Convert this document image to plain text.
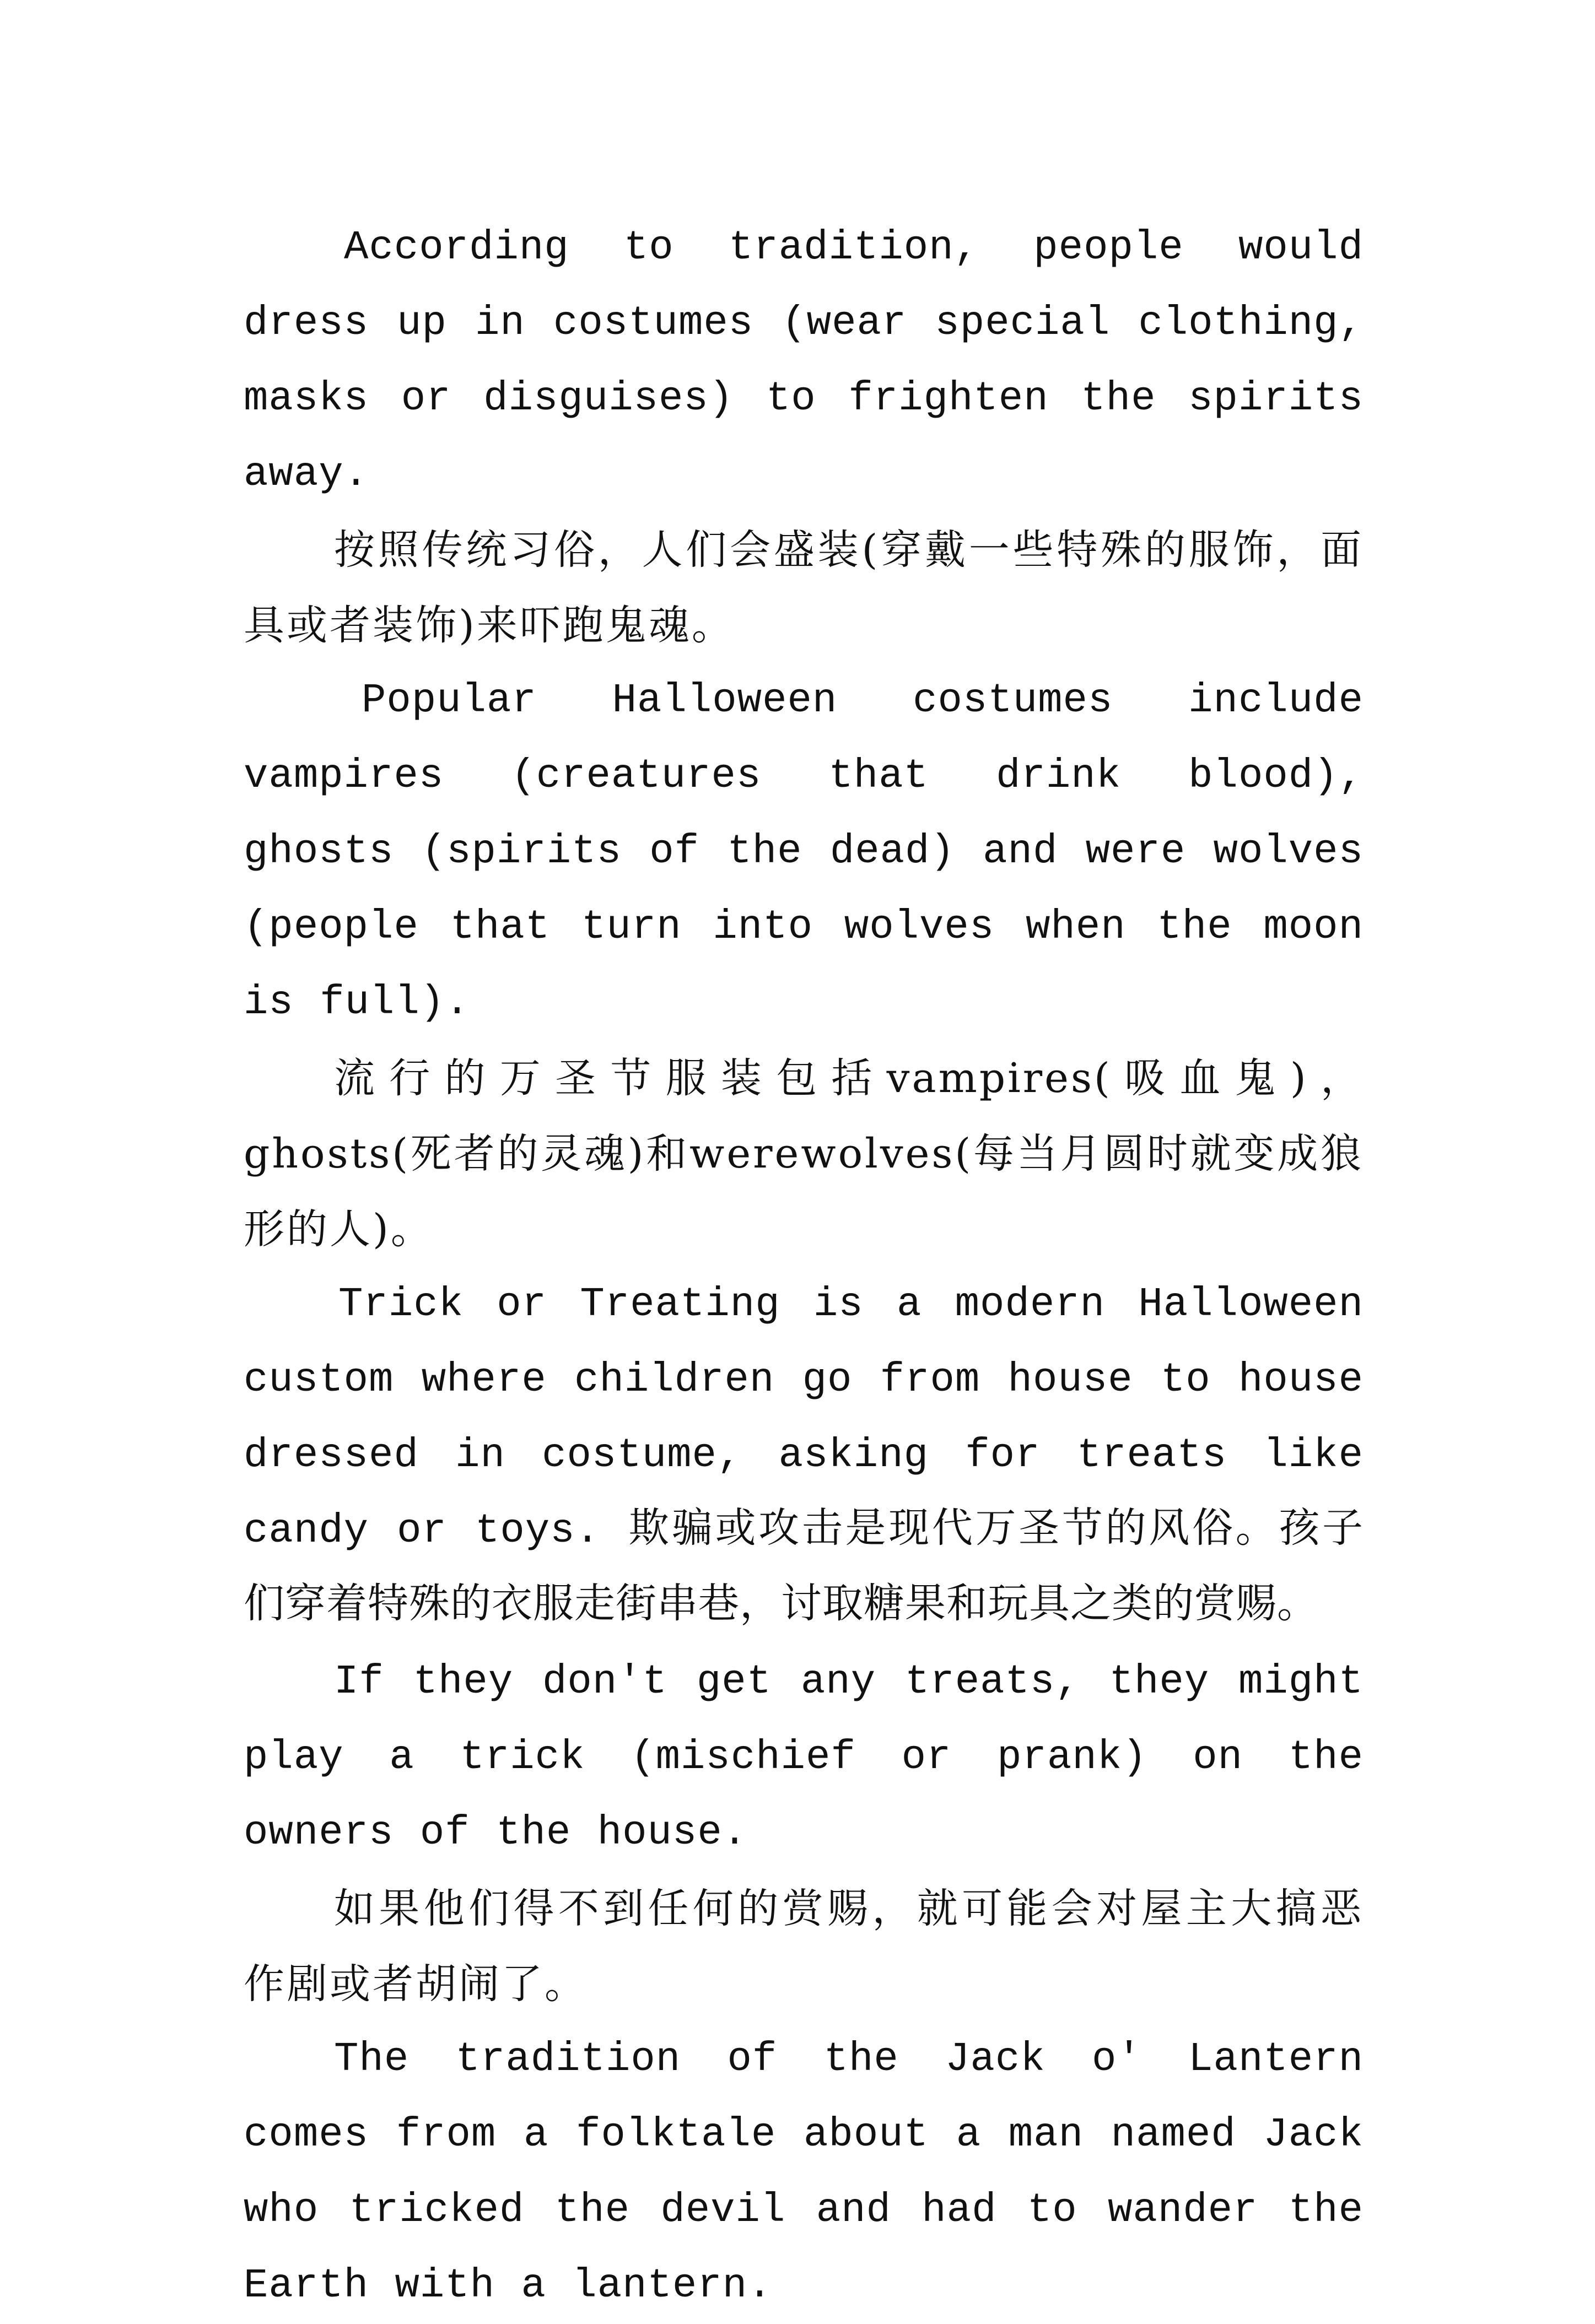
According to tradition, people would dress up in costumes (wear special clothing, masks or disguises) to frighten the spirits away.

按照传统习俗，人们会盛装(穿戴一些特殊的服饰，面具或者装饰)来吓跑鬼魂。

Popular Halloween costumes include vampires (creatures that drink blood), ghosts (spirits of the dead) and were wolves (people that turn into wolves when the moon is full).

流行的万圣节服装包括vampires(吸血鬼)，ghosts(死者的灵魂)和werewolves(每当月圆时就变成狼形的人)。

Trick or Treating is a modern Halloween custom where children go from house to house dressed in costume, asking for treats like candy or toys. 欺骗或攻击是现代万圣节的风俗。孩子们穿着特殊的衣服走街串巷，讨取糖果和玩具之类的赏赐。

If they don't get any treats, they might play a trick (mischief or prank) on the owners of the house.

如果他们得不到任何的赏赐，就可能会对屋主大搞恶作剧或者胡闹了。

The tradition of the Jack o' Lantern comes from a folktale about a man named Jack who tricked the devil and had to wander the Earth with a lantern.
